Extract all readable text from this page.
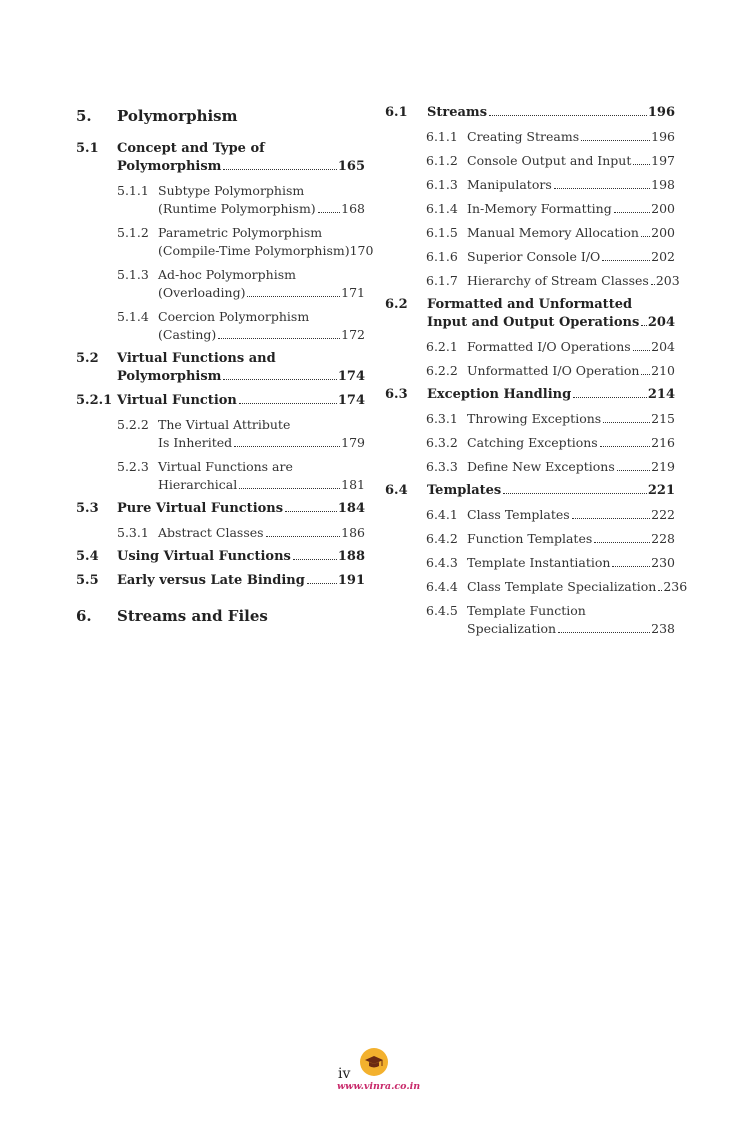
5.	Polymorphism
5.1	Concept and Type of
Polymorphism	165
5.1.1 Subtype Polymorphism
(Runtime Polymorphism) 168
5.1.2 Parametric Polymorphism
(Compile-Time Polymorphism) 170
5.1.3 Ad-hoc Polymorphism
(Overloading)	171
5.1.4 Coercion Polymorphism
(Casting)	172
5.2	Virtual Functions and
Polymorphism	174
5.2.1 Virtual Function	174
5.2.2 The Virtual Attribute
Is Inherited	179
5.2.3 Virtual Functions are
Hierarchical	181
5.3	Pure Virtual Functions	184
5.3.1 Abstract Classes	186
5.4	Using Virtual Functions	188
5.5	Early versus Late Binding	191
6.	Streams and Files
6.1	Streams	196
6.1.1 Creating Streams	196
6.1.2 Console Output and Input 197
6.1.3 Manipulators	198
6.1.4 In-Memory Formatting	200
6.1.5 Manual Memory Allocation 200
6.1.6 Superior Console I/O	202
6.1.7 Hierarchy of Stream Classes 203
6.2	Formatted and Unformatted
Input and Output Operations 204
6.2.1 Formatted I/O Operations 204
6.2.2 Unformatted I/O Operation 210
6.3	Exception Handling	214
6.3.1 Throwing Exceptions	215
6.3.2 Catching Exceptions	216
6.3.3 Define New Exceptions	219
6.4	Templates	221
6.4.1 Class Templates	222
6.4.2 Function Templates	228
6.4.3 Template Instantiation	230
6.4.4 Class Template Specialization 236
6.4.5 Template Function
Specialization	238
iv
www.vinra.co.in
